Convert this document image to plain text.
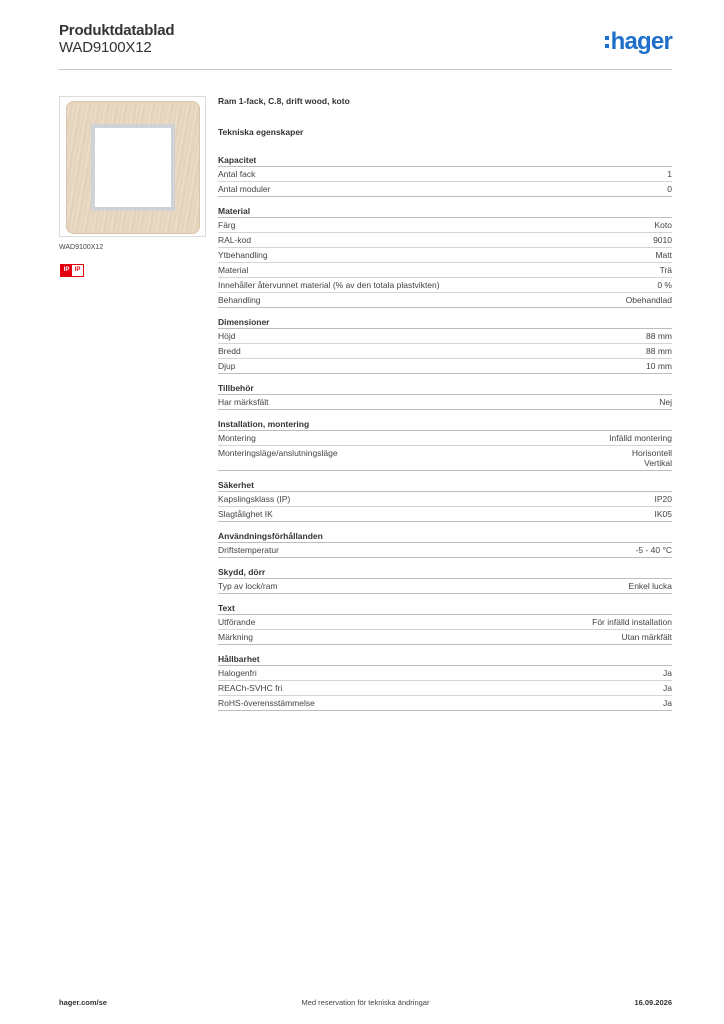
Produktdatablad
WAD9100X12	hager
WAD9100X12
IP IP
Ram 1-fack, C.8, drift wood, koto
Tekniska egenskaper
Kapacitet
Antal fack	1
Antal moduler	0
Material
Färg	Koto
RAL-kod	9010
Ytbehandling	Matt
Material	Trä
Innehåller återvunnet material (% av den totala plastvikten)	0 %
Behandling	Obehandlad
Dimensioner
Höjd	88 mm
Bredd	88 mm
Djup	10 mm
Tillbehör
Har märksfält	Nej
Installation, montering
Montering	Infälld montering
Monteringsläge/anslutningsläge	Horisontell
Vertikal
Säkerhet
Kapslingsklass (IP)	IP20
Slagtålighet IK	IK05
Användningsförhållanden
Driftstemperatur	-5 - 40 °C
Skydd, dörr
Typ av lock/ram	Enkel lucka
Text
Utförande	För infälld installation
Märkning	Utan märkfält
Hållbarhet
Halogenfri	Ja
REACh-SVHC fri	Ja
RoHS-överensstämmelse	Ja
hager.com/se	Med reservation för tekniska ändringar	16.09.2026
